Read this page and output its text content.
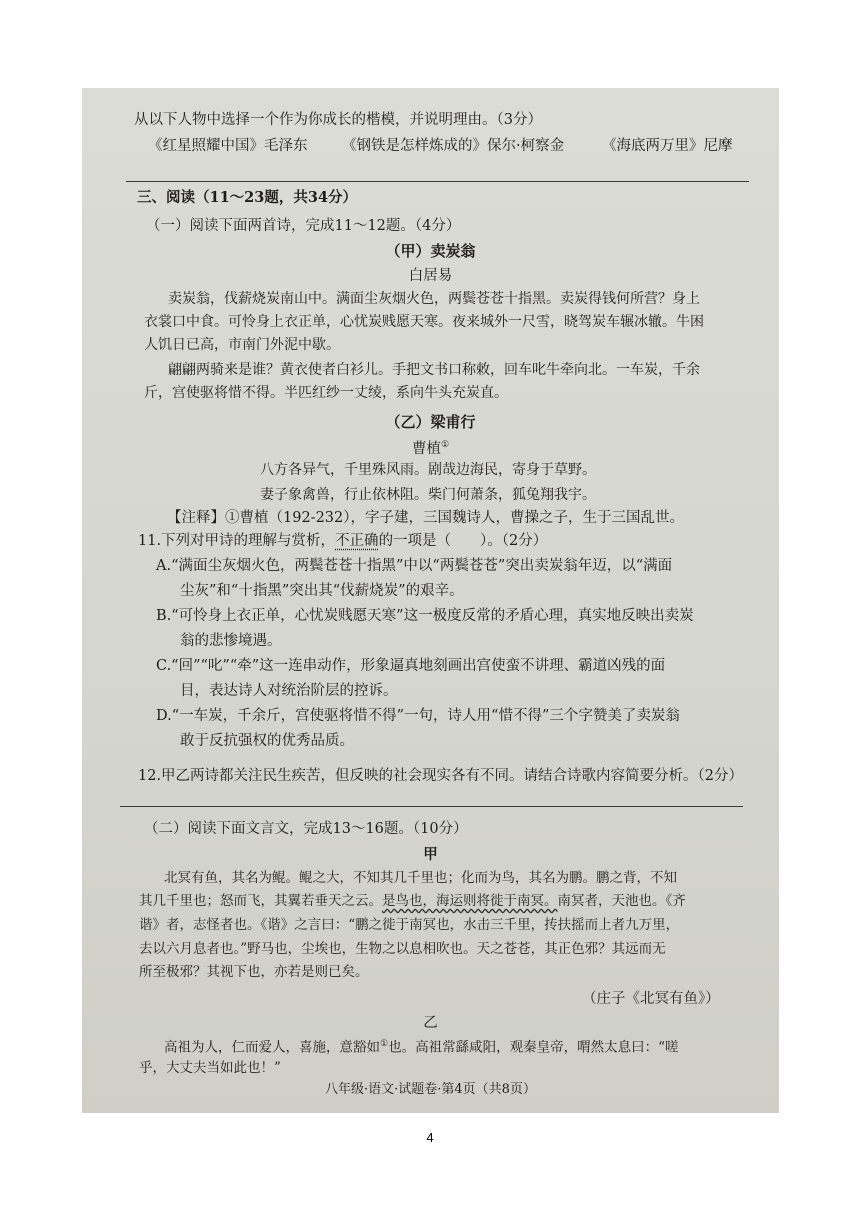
从以下人物中选择一个作为你成长的楷模，并说明理由。（3分）
《红星照耀中国》毛泽东 《钢铁是怎样炼成的》保尔·柯察金	《海底两万里》尼摩
三、阅读（11～23题，共34分）
（一）阅读下面两首诗，完成11～12题。（4分）
（甲）卖炭翁
白居易
卖炭翁，伐薪烧炭南山中。满面尘灰烟火色，两鬓苍苍十指黑。卖炭得钱何所营？身上
衣裳口中食。可怜身上衣正单，心忧炭贱愿天寒。夜来城外一尺雪，晓驾炭车辗冰辙。牛困
人饥日已高，市南门外泥中歇。
翩翩两骑来是谁？黄衣使者白衫儿。手把文书口称敕，回车叱牛牵向北。一车炭，千余
斤，宫使驱将惜不得。半匹红纱一丈绫，系向牛头充炭直。
（乙）梁甫行
曹植①
八方各异气，千里殊风雨。剧哉边海民，寄身于草野。
妻子象禽兽，行止依林阻。柴门何萧条，狐兔翔我宇。
【注释】①曹植（192-232），字子建，三国魏诗人，曹操之子，生于三国乱世。
11.下列对甲诗的理解与赏析，不正确的一项是（　　）。（2分）
A.“满面尘灰烟火色，两鬓苍苍十指黑”中以“两鬓苍苍”突出卖炭翁年迈，以“满面
尘灰”和“十指黑”突出其“伐薪烧炭”的艰辛。
B.“可怜身上衣正单，心忧炭贱愿天寒”这一极度反常的矛盾心理，真实地反映出卖炭
翁的悲惨境遇。
C.“回”“叱”“牵”这一连串动作，形象逼真地刻画出宫使蛮不讲理、霸道凶残的面
目，表达诗人对统治阶层的控诉。
D.“一车炭，千余斤，宫使驱将惜不得”一句，诗人用“惜不得”三个字赞美了卖炭翁
敢于反抗强权的优秀品质。
12.甲乙两诗都关注民生疾苦，但反映的社会现实各有不同。请结合诗歌内容简要分析。（2分）
（二）阅读下面文言文，完成13～16题。（10分）
甲
北冥有鱼，其名为鲲。鲲之大，不知其几千里也；化而为鸟，其名为鹏。鹏之背，不知
其几千里也；怒而飞，其翼若垂天之云。是鸟也，海运则将徙于南冥。南冥者，天池也。《齐
谐》者，志怪者也。《谐》之言曰：“鹏之徙于南冥也，水击三千里，抟扶摇而上者九万里，
去以六月息者也。”野马也，尘埃也，生物之以息相吹也。天之苍苍，其正色邪？其远而无
所至极邪？其视下也，亦若是则已矣。
（庄子《北冥有鱼》）
乙
高祖为人，仁而爱人，喜施，意豁如①也。高祖常繇咸阳，观秦皇帝，喟然太息曰：“嗟
乎，大丈夫当如此也！”
八年级·语文·试题卷·第4页（共8页）
4
